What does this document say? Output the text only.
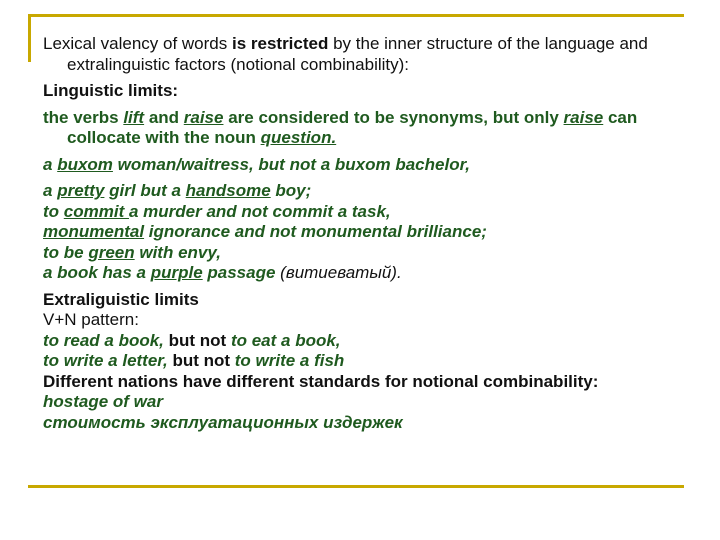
Lexical valency of words is restricted by the inner structure of the language and extralinguistic factors (notional combinability):

Linguistic limits:

the verbs lift and raise are considered to be synonyms, but only raise can collocate with the noun question.

a buxom woman/waitress, but not a buxom bachelor,

a pretty girl but a handsome boy;

to commit a murder and not commit a task,

monumental ignorance and not monumental brilliance;

to be green with envy,

a book has a purple passage (витиеватый).

Extraliguistic limits

V+N pattern:

to read a book, but not to eat a book,

to write a letter, but not to write a fish

Different nations have different standards for notional combinability:

hostage of war

стоимость эксплуатационных издержек
